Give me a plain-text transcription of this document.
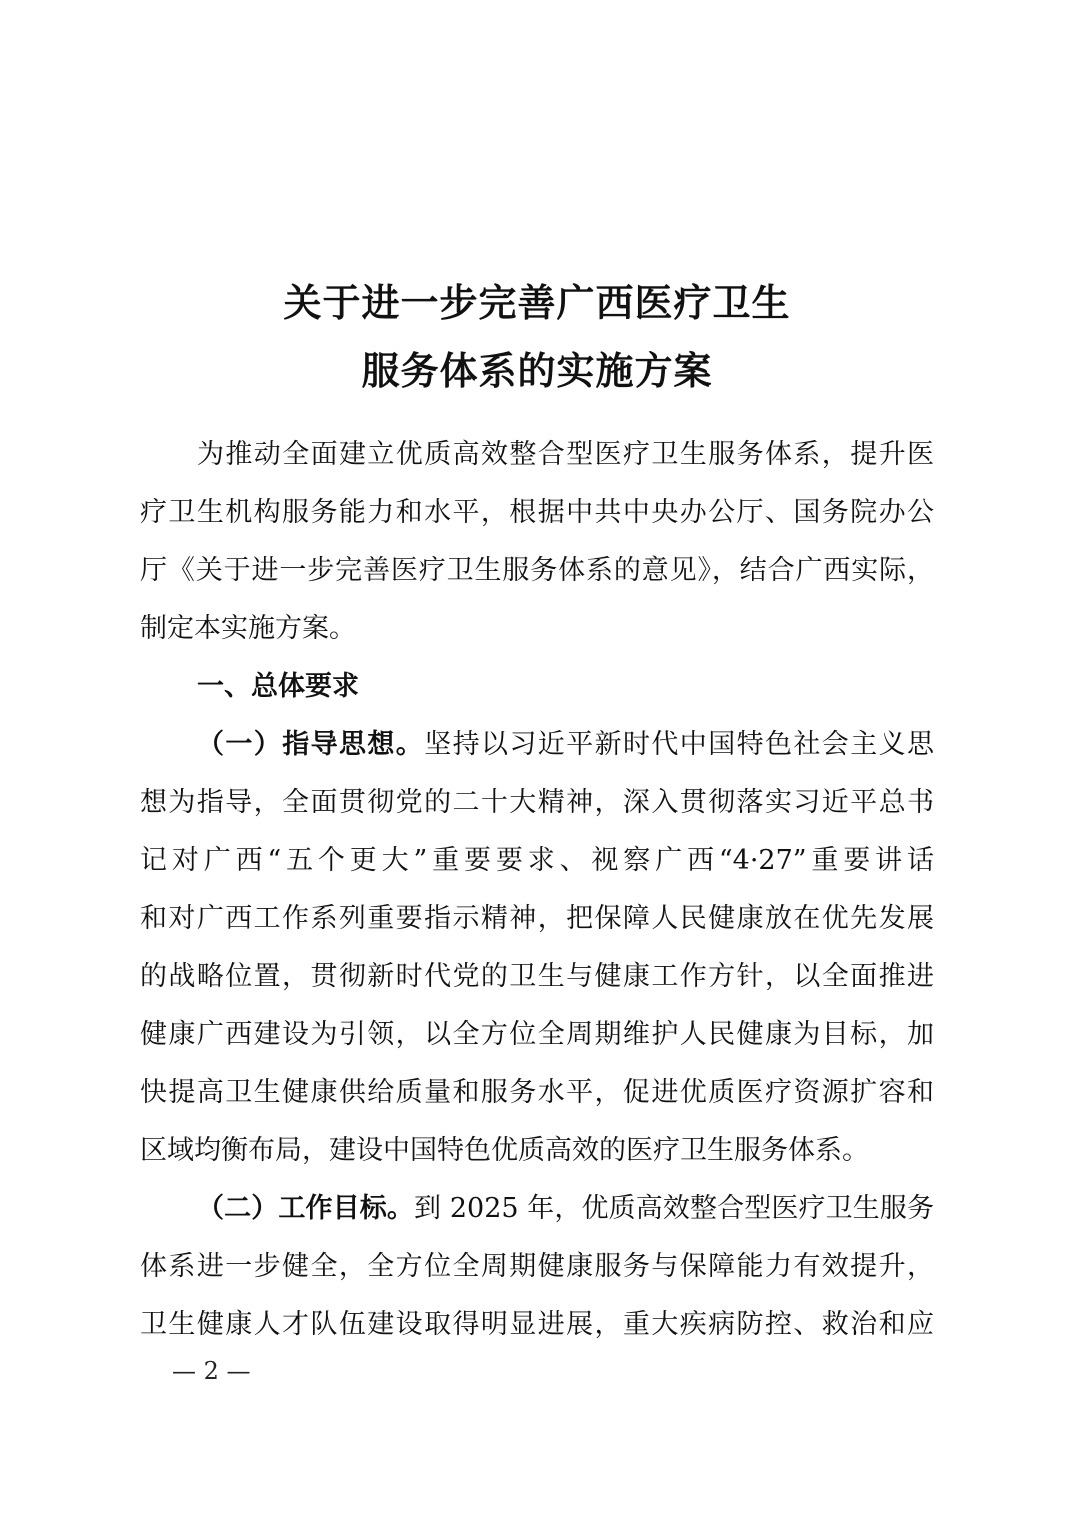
关于进一步完善广西医疗卫生
服务体系的实施方案
为推动全面建立优质高效整合型医疗卫生服务体系，提升医
疗卫生机构服务能力和水平，根据中共中央办公厅、国务院办公
厅《关于进一步完善医疗卫生服务体系的意见》，结合广西实际，
制定本实施方案。
一、总体要求
（一）指导思想。坚持以习近平新时代中国特色社会主义思
想为指导，全面贯彻党的二十大精神，深入贯彻落实习近平总书
记对广西“五个更大”重要要求、视察广西“4·27”重要讲话
和对广西工作系列重要指示精神，把保障人民健康放在优先发展
的战略位置，贯彻新时代党的卫生与健康工作方针，以全面推进
健康广西建设为引领，以全方位全周期维护人民健康为目标，加
快提高卫生健康供给质量和服务水平，促进优质医疗资源扩容和
区域均衡布局，建设中国特色优质高效的医疗卫生服务体系。
（二）工作目标。到 2025 年，优质高效整合型医疗卫生服务
体系进一步健全，全方位全周期健康服务与保障能力有效提升，
卫生健康人才队伍建设取得明显进展，重大疾病防控、救治和应
— 2 —
